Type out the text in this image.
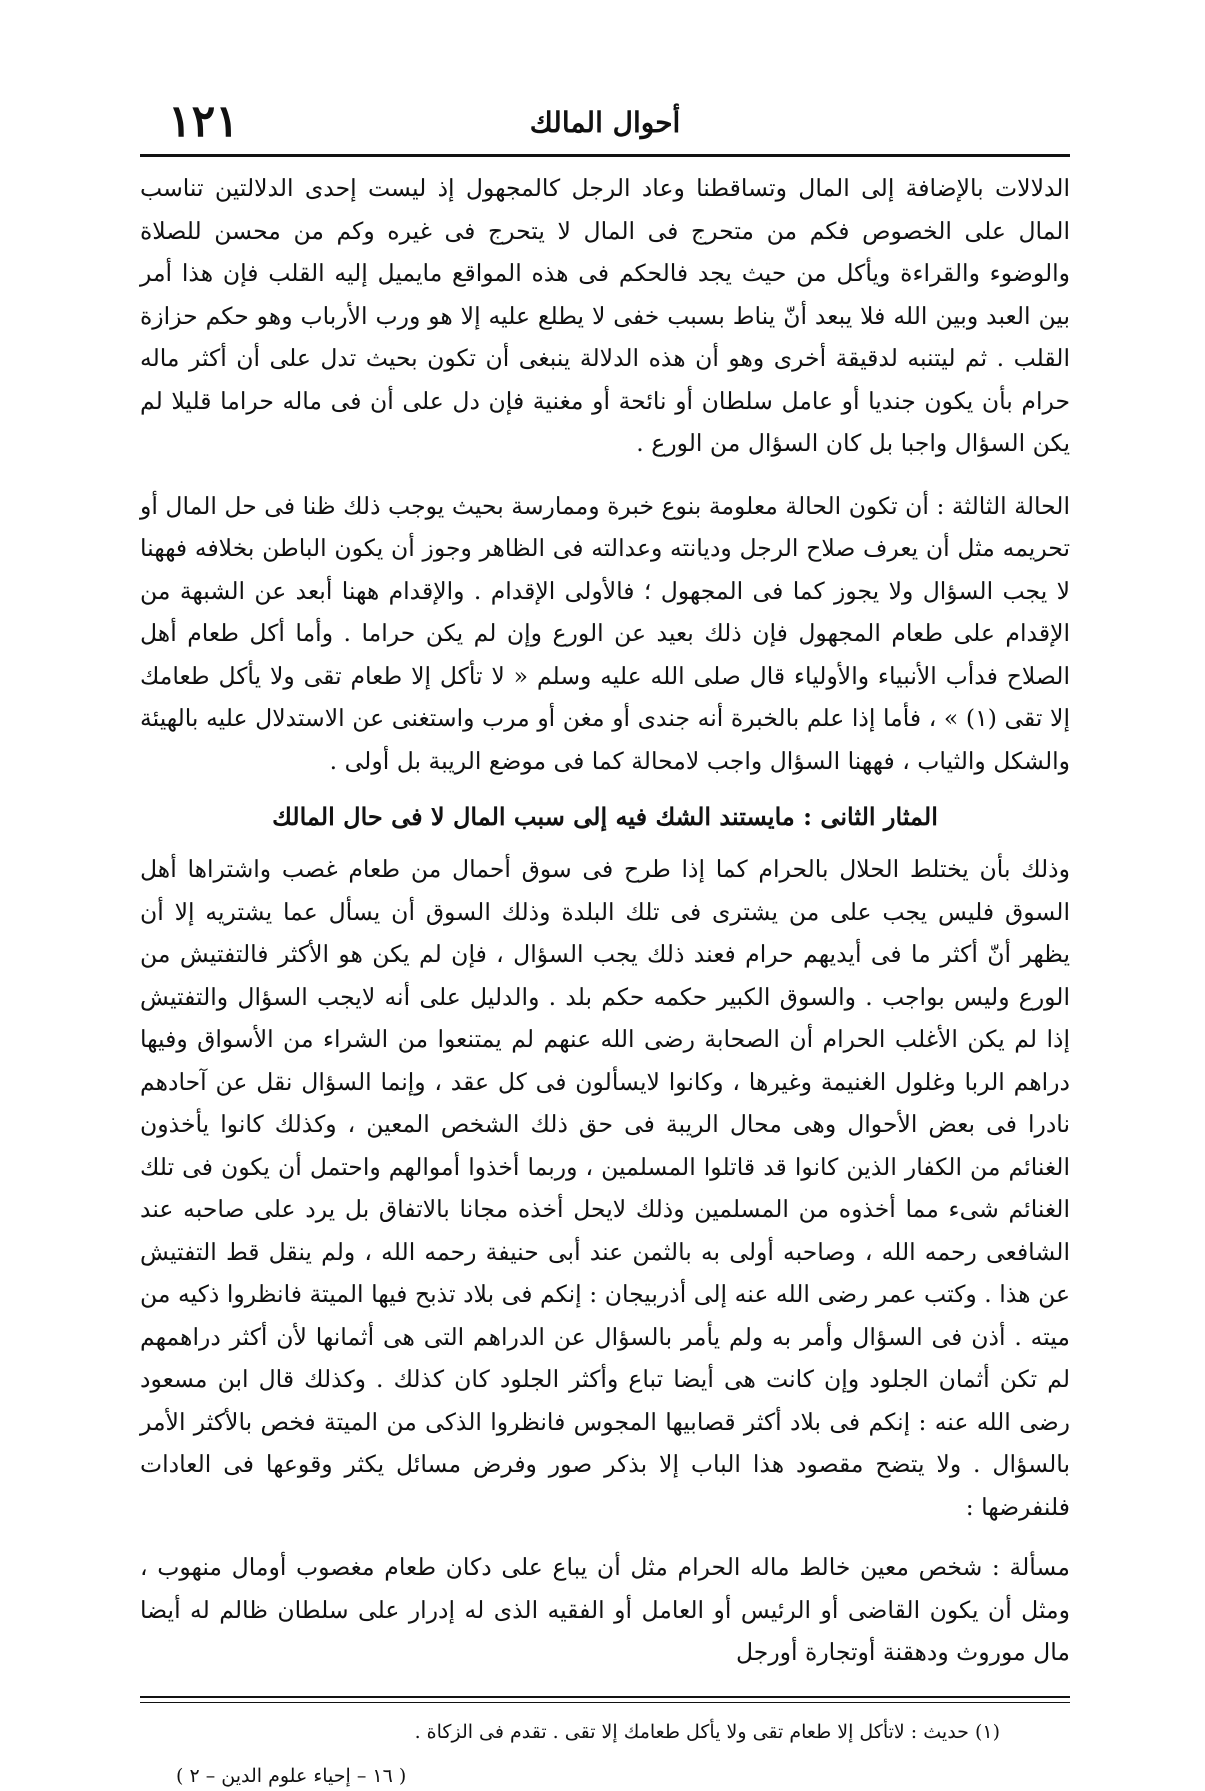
أحوال المالك
١٢١

الدلالات بالإضافة إلى المال وتساقطنا وعاد الرجل كالمجهول إذ ليست إحدى الدلالتين تناسب المال على الخصوص فكم من متحرج فى المال لا يتحرج فى غيره وكم من محسن للصلاة والوضوء والقراءة ويأكل من حيث يجد فالحكم فى هذه المواقع مايميل إليه القلب فإن هذا أمر بين العبد وبين الله فلا يبعد أنّ يناط بسبب خفى لا يطلع عليه إلا هو ورب الأرباب وهو حكم حزازة القلب . ثم ليتنبه لدقيقة أخرى وهو أن هذه الدلالة ينبغى أن تكون بحيث تدل على أن أكثر ماله حرام بأن يكون جنديا أو عامل سلطان أو نائحة أو مغنية فإن دل على أن فى ماله حراما قليلا لم يكن السؤال واجبا بل كان السؤال من الورع .

الحالة الثالثة : أن تكون الحالة معلومة بنوع خبرة وممارسة بحيث يوجب ذلك ظنا فى حل المال أو تحريمه مثل أن يعرف صلاح الرجل وديانته وعدالته فى الظاهر وجوز أن يكون الباطن بخلافه فههنا لا يجب السؤال ولا يجوز كما فى المجهول ؛ فالأولى الإقدام . والإقدام ههنا أبعد عن الشبهة من الإقدام على طعام المجهول فإن ذلك بعيد عن الورع وإن لم يكن حراما . وأما أكل طعام أهل الصلاح فدأب الأنبياء والأولياء قال صلى الله عليه وسلم « لا تأكل إلا طعام تقى ولا يأكل طعامك إلا تقى (١) » ، فأما إذا علم بالخبرة أنه جندى أو مغن أو مرب واستغنى عن الاستدلال عليه بالهيئة والشكل والثياب ، فههنا السؤال واجب لامحالة كما فى موضع الريبة بل أولى .

المثار الثانى : مايستند الشك فيه إلى سبب المال لا فى حال المالك

وذلك بأن يختلط الحلال بالحرام كما إذا طرح فى سوق أحمال من طعام غصب واشتراها أهل السوق فليس يجب على من يشترى فى تلك البلدة وذلك السوق أن يسأل عما يشتريه إلا أن يظهر أنّ أكثر ما فى أيديهم حرام فعند ذلك يجب السؤال ، فإن لم يكن هو الأكثر فالتفتيش من الورع وليس بواجب . والسوق الكبير حكمه حكم بلد . والدليل على أنه لايجب السؤال والتفتيش إذا لم يكن الأغلب الحرام أن الصحابة رضى الله عنهم لم يمتنعوا من الشراء من الأسواق وفيها دراهم الربا وغلول الغنيمة وغيرها ، وكانوا لايسألون فى كل عقد ، وإنما السؤال نقل عن آحادهم نادرا فى بعض الأحوال وهى محال الريبة فى حق ذلك الشخص المعين ، وكذلك كانوا يأخذون الغنائم من الكفار الذين كانوا قد قاتلوا المسلمين ، وربما أخذوا أموالهم واحتمل أن يكون فى تلك الغنائم شىء مما أخذوه من المسلمين وذلك لايحل أخذه مجانا بالاتفاق بل يرد على صاحبه عند الشافعى رحمه الله ، وصاحبه أولى به بالثمن عند أبى حنيفة رحمه الله ، ولم ينقل قط التفتيش عن هذا . وكتب عمر رضى الله عنه إلى أذربيجان : إنكم فى بلاد تذبح فيها الميتة فانظروا ذكيه من ميته . أذن فى السؤال وأمر به ولم يأمر بالسؤال عن الدراهم التى هى أثمانها لأن أكثر دراهمهم لم تكن أثمان الجلود وإن كانت هى أيضا تباع وأكثر الجلود كان كذلك . وكذلك قال ابن مسعود رضى الله عنه : إنكم فى بلاد أكثر قصابيها المجوس فانظروا الذكى من الميتة فخص بالأكثر الأمر بالسؤال . ولا يتضح مقصود هذا الباب إلا بذكر صور وفرض مسائل يكثر وقوعها فى العادات فلنفرضها :

مسألة : شخص معين خالط ماله الحرام مثل أن يباع على دكان طعام مغصوب أومال منهوب ، ومثل أن يكون القاضى أو الرئيس أو العامل أو الفقيه الذى له إدرار على سلطان ظالم له أيضا مال موروث ودهقنة أوتجارة أورجل

(١) حديث : لاتأكل إلا طعام تقى ولا يأكل طعامك إلا تقى . تقدم فى الزكاة .
( ١٦ – إحياء علوم الدين – ٢ )
